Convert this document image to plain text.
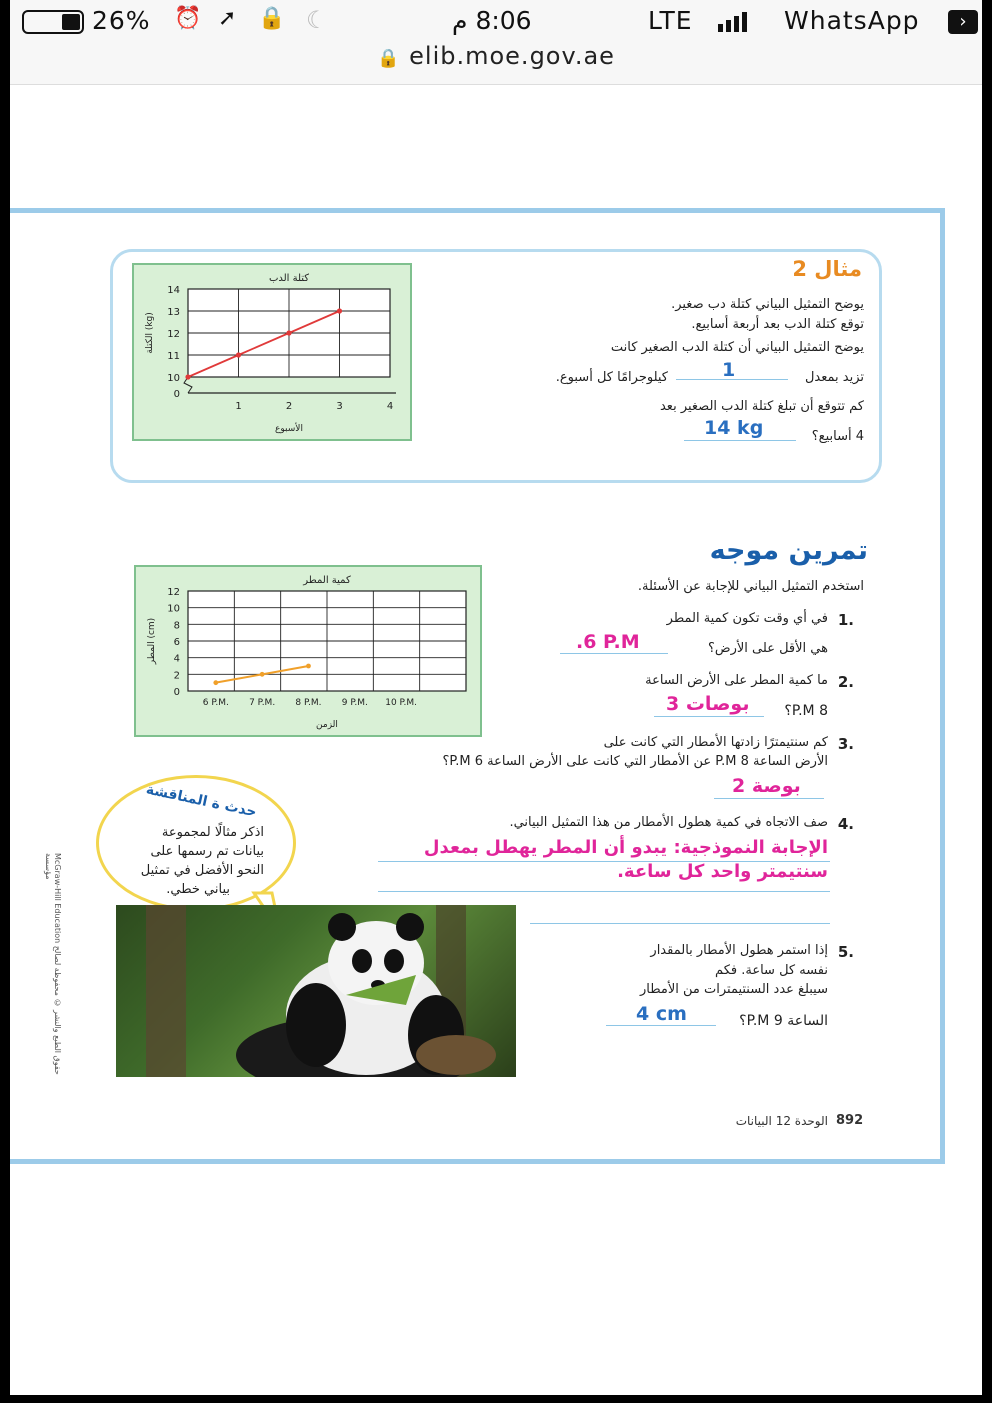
26% ⏰ ➚ 🔒 ☾	8:06 م	LTE	WhatsApp	›
🔒 elib.moe.gov.ae
مثال 2
يوضح التمثيل البياني كتلة دب صغير.
توقع كتلة الدب بعد أربعة أسابيع.
يوضح التمثيل البياني أن كتلة الدب الصغير كانت
تزيد بمعدل
1
كيلوجرامًا كل أسبوع.
كم تتوقع أن تبلغ كتلة الدب الصغير بعد
4 أسابيع؟
14 kg
1	2	3	4
0
10
11
12
13
14
كتلة الدب
الأسبوع
الكتلة (kg)
تمرين موجه
استخدم التمثيل البياني للإجابة عن الأسئلة.
.1
في أي وقت تكون كمية المطر
هي الأقل على الأرض؟
.6 P.M
.2
ما كمية المطر على الأرض الساعة
8 P.M؟
3 بوصات
.3
كم سنتيمترًا زادتها الأمطار التي كانت على
الأرض الساعة 8 P.M عن الأمطار التي كانت على الأرض الساعة 6 P.M؟
2 بوصة
.4
صف الاتجاه في كمية هطول الأمطار من هذا التمثيل البياني.
الإجابة النموذجية: يبدو أن المطر يهطل بمعدل
سنتيمتر واحد كل ساعة.
.5
إذا استمر هطول الأمطار بالمقدار
نفسه كل ساعة. فكم
سيبلغ عدد السنتيمترات من الأمطار
الساعة 9 P.M؟
4 cm
6 P.M. 7 P.M. 8 P.M. 9 P.M. 10 P.M.
0
2
4
6
8
10
12
كمية المطر
الزمن
المطر (cm)
حدث ة المناقشة
اذكر مثالًا لمجموعة
بيانات تم رسمها على
النحو الأفضل في تمثيل
بياني خطي.
McGraw-Hill Education حقوق الطبع والنشر © محفوظة لصالح مؤسسة
892
الوحدة 12 البيانات
